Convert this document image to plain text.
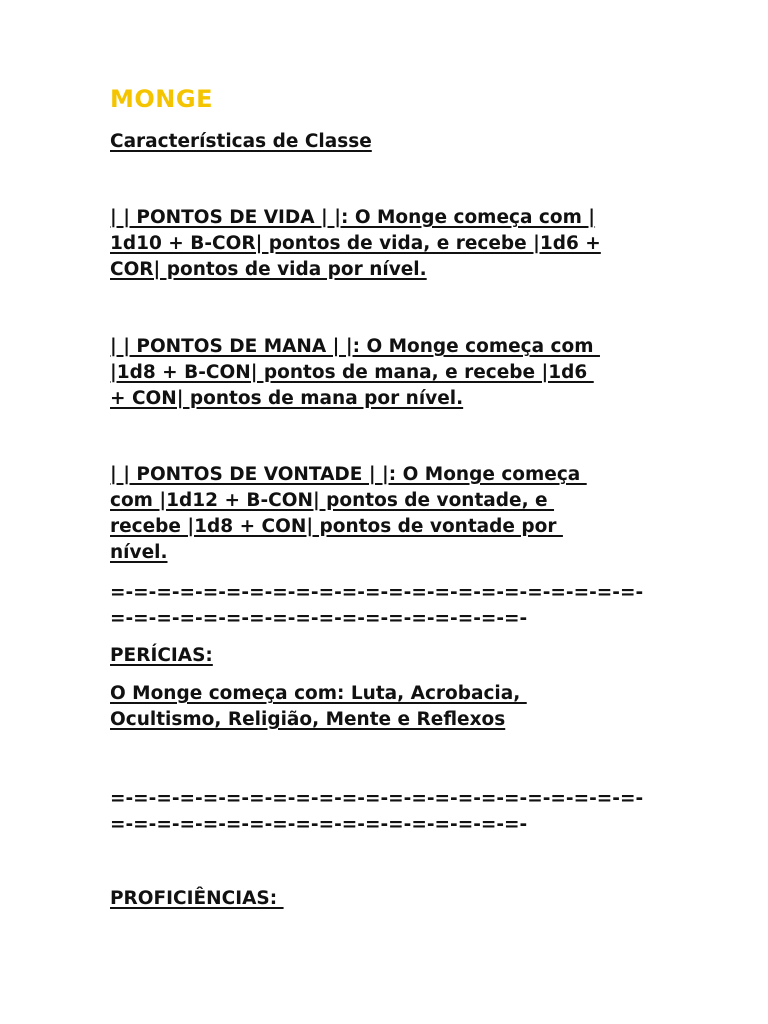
MONGE

Características de Classe

| | PONTOS DE VIDA | |: O Monge começa com |
1d10 + B-COR| pontos de vida, e recebe |1d6 +
COR| pontos de vida por nível.

| | PONTOS DE MANA | |: O Monge começa com
|1d8 + B-CON| pontos de mana, e recebe |1d6
+ CON| pontos de mana por nível.

| | PONTOS DE VONTADE | |: O Monge começa
com |1d12 + B-CON| pontos de vontade, e
recebe |1d8 + CON| pontos de vontade por
nível.

=-=-=-=-=-=-=-=-=-=-=-=-=-=-=-=-=-=-=-=-=-=-=-
=-=-=-=-=-=-=-=-=-=-=-=-=-=-=-=-=-=-

PERÍCIAS:

O Monge começa com: Luta, Acrobacia,
Ocultismo, Religião, Mente e Reflexos

=-=-=-=-=-=-=-=-=-=-=-=-=-=-=-=-=-=-=-=-=-=-=-
=-=-=-=-=-=-=-=-=-=-=-=-=-=-=-=-=-=-

PROFICIÊNCIAS:
